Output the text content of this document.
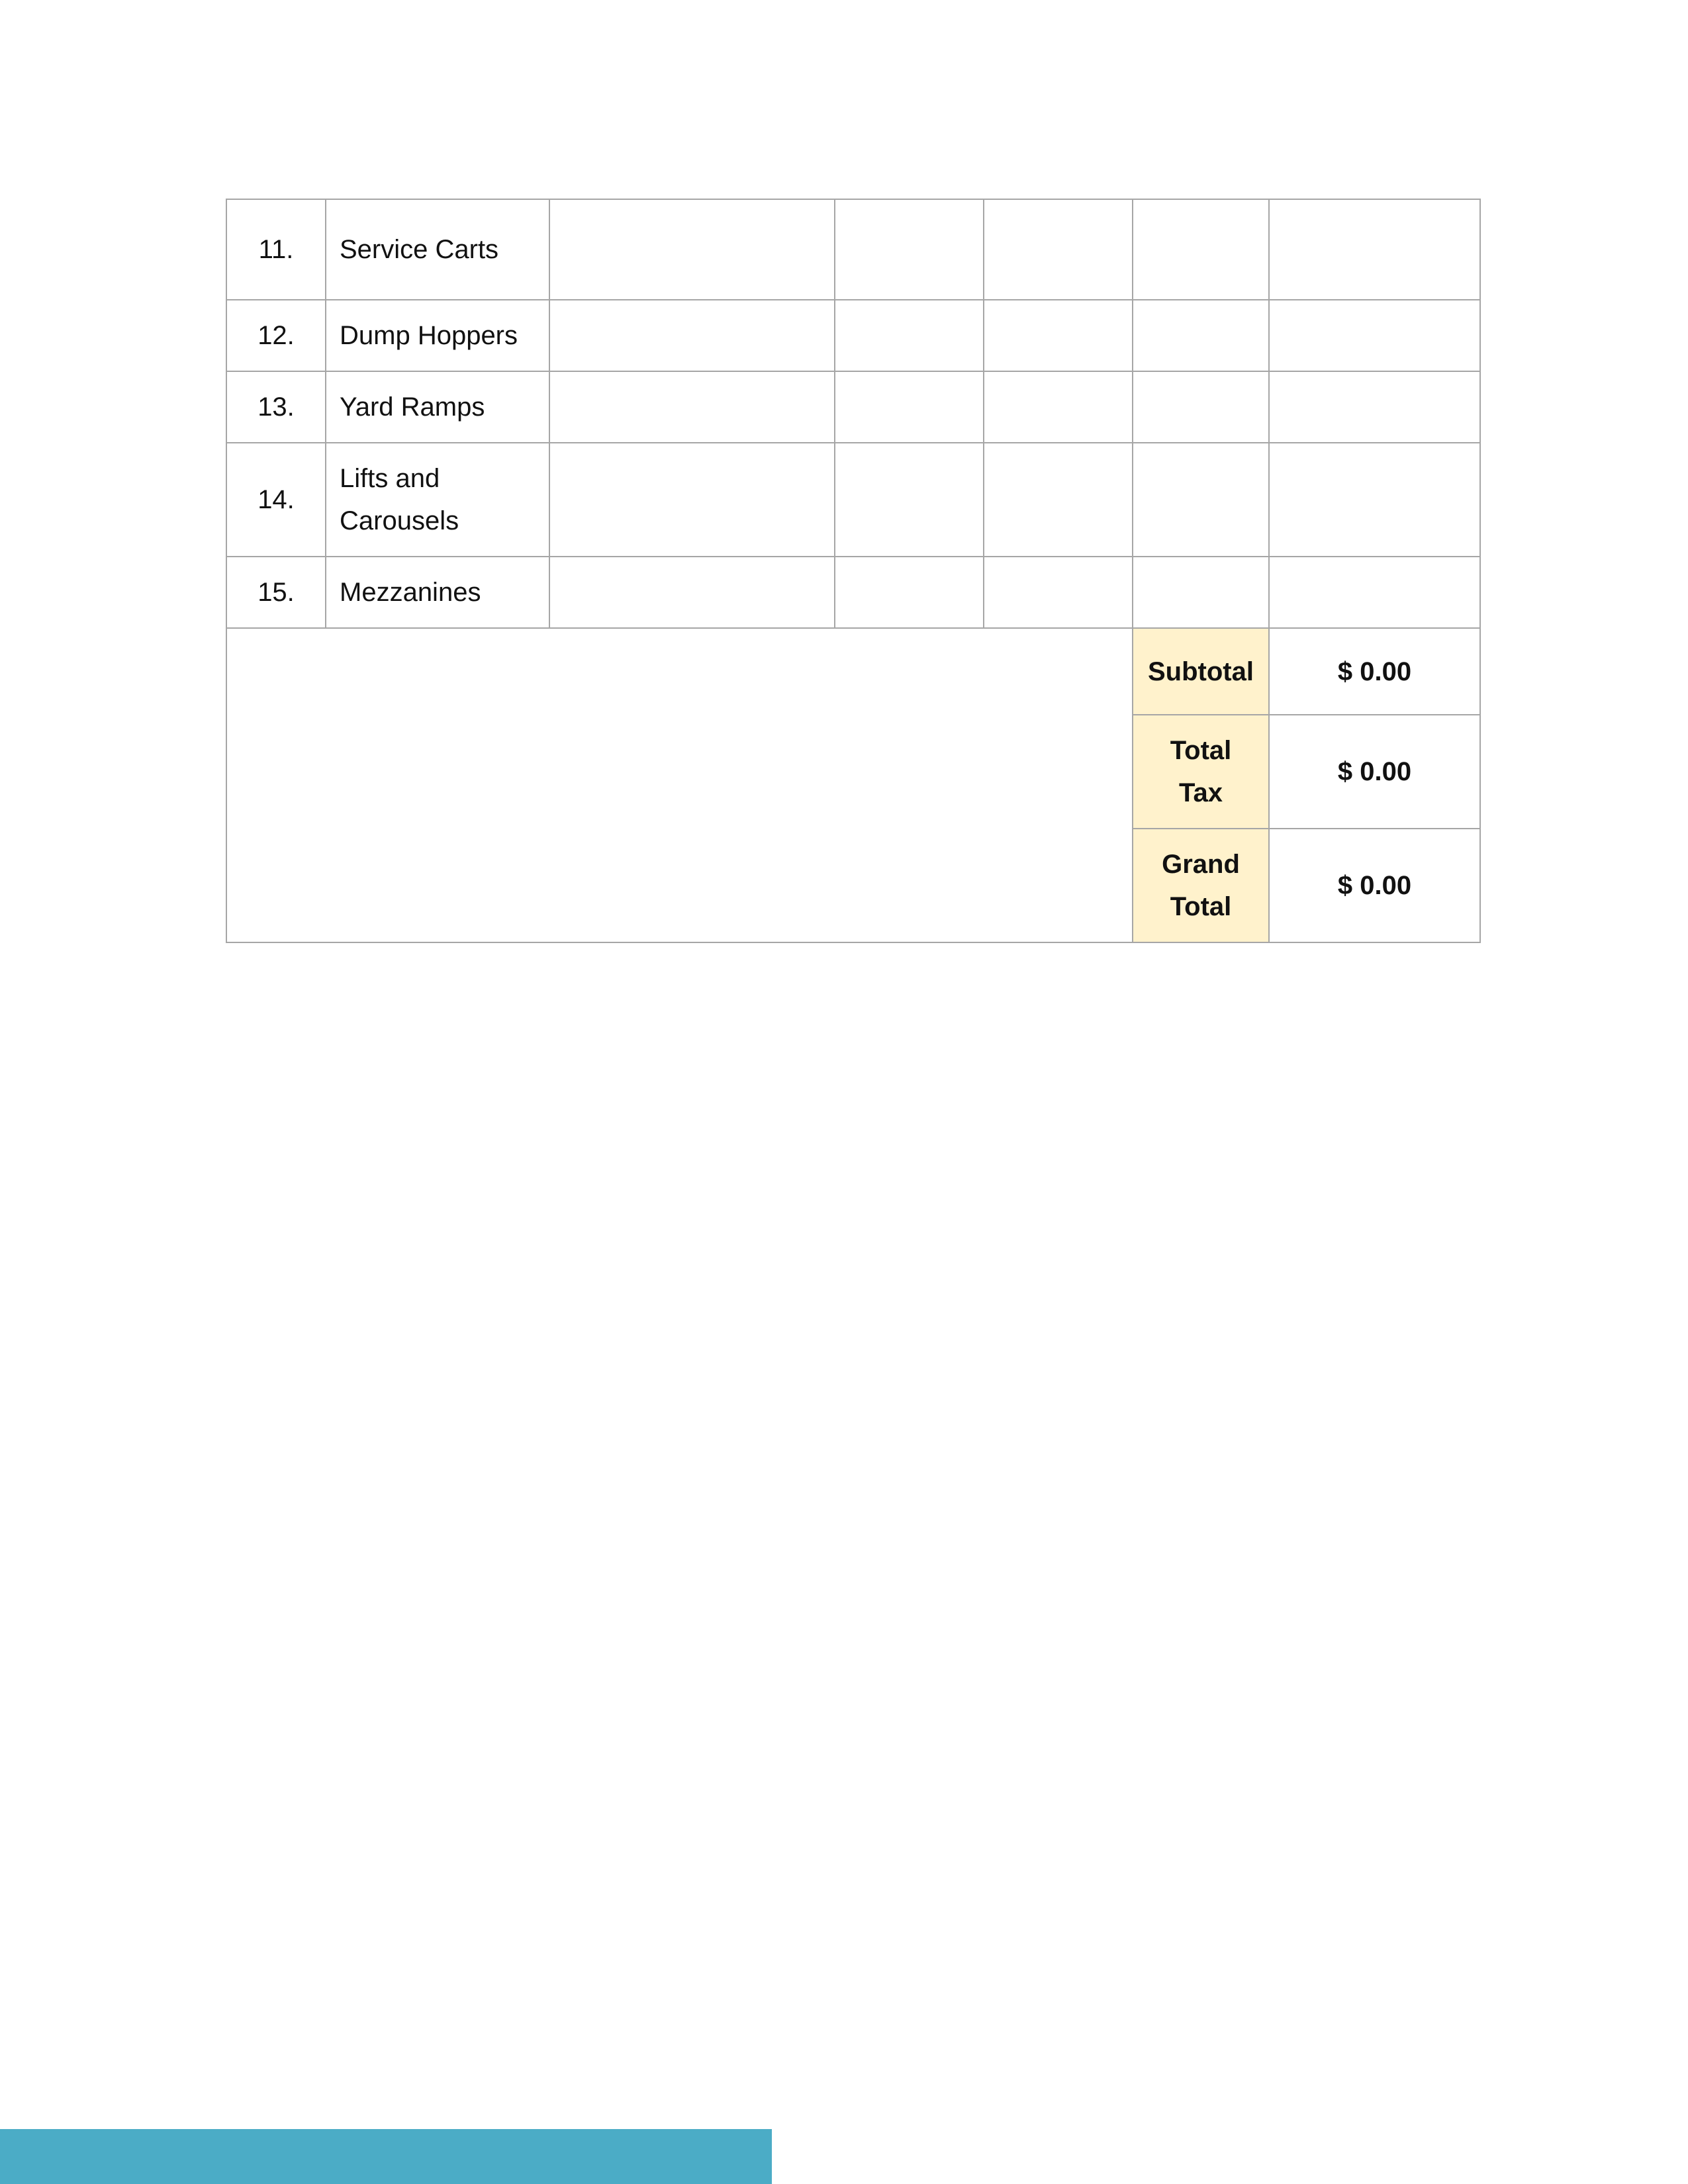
11.	Service Carts					
12.	Dump Hoppers					
13.	Yard Ramps					
14.	Lifts and Carousels					
15.	Mezzanines					
					Subtotal	$ 0.00
					Total Tax	$ 0.00
					Grand Total	$ 0.00
